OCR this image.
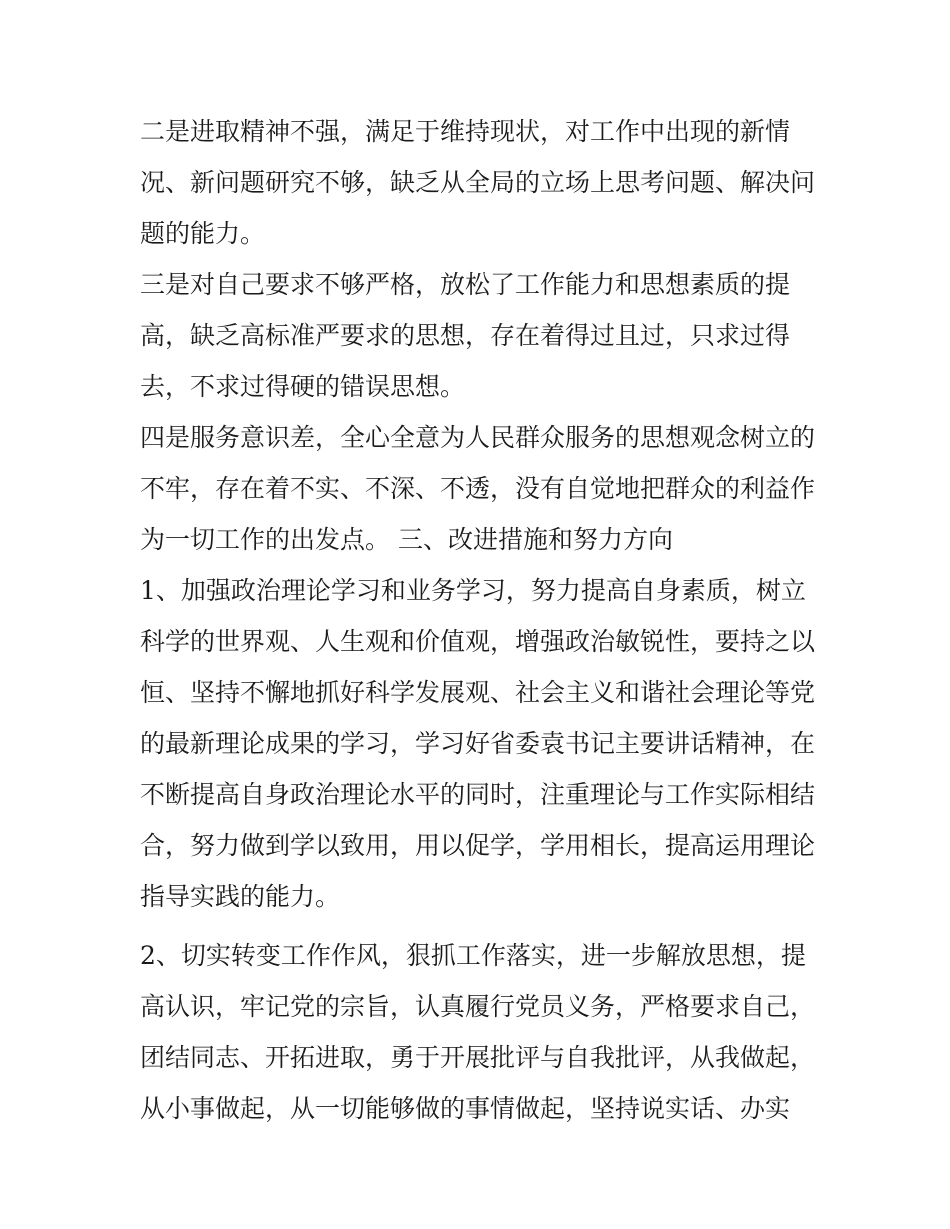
二是进取精神不强，满足于维持现状，对工作中出现的新情
况、新问题研究不够，缺乏从全局的立场上思考问题、解决问
题的能力。
三是对自己要求不够严格，放松了工作能力和思想素质的提
高，缺乏高标准严要求的思想，存在着得过且过，只求过得
去，不求过得硬的错误思想。
四是服务意识差，全心全意为人民群众服务的思想观念树立的
不牢，存在着不实、不深、不透，没有自觉地把群众的利益作
为一切工作的出发点。 三、改进措施和努力方向
1、加强政治理论学习和业务学习，努力提高自身素质，树立
科学的世界观、人生观和价值观，增强政治敏锐性，要持之以
恒、坚持不懈地抓好科学发展观、社会主义和谐社会理论等党
的最新理论成果的学习，学习好省委袁书记主要讲话精神，在
不断提高自身政治理论水平的同时，注重理论与工作实际相结
合，努力做到学以致用，用以促学，学用相长，提高运用理论
指导实践的能力。
2、切实转变工作作风，狠抓工作落实，进一步解放思想，提
高认识，牢记党的宗旨，认真履行党员义务，严格要求自己，
团结同志、开拓进取，勇于开展批评与自我批评，从我做起，
从小事做起，从一切能够做的事情做起，坚持说实话、办实
